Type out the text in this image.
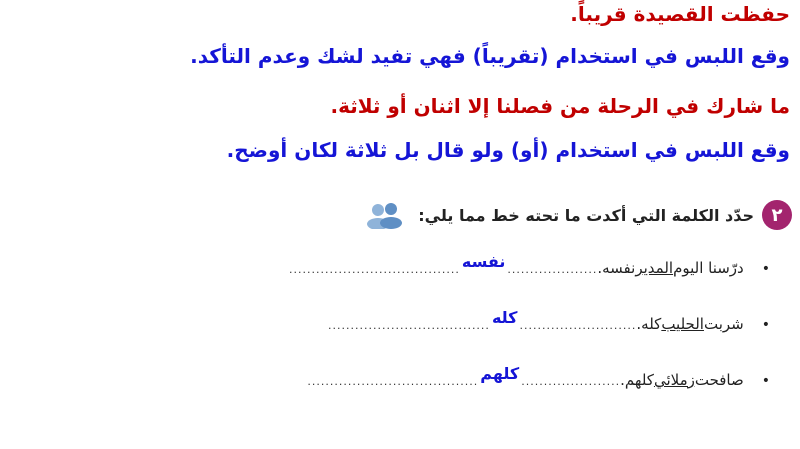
حفظت القصيدة قريباً.
وقع اللبس في استخدام (تقريباً) فهي تفيد لشك وعدم التأكد.
ما شارك في الرحلة من فصلنا إلا اثنان أو ثلاثة.
وقع اللبس في استخدام (أو) ولو قال بل ثلاثة لكان أوضح.
٢
حدّد الكلمة التي أكدت ما تحته خط مما يلي:
•
درّسنا اليوم
المدير
نفسه.
....................
نفسه
......................................
•
شربت
الحليب
كله.
..........................
كله
....................................
•
صافحت
زملائي
كلهم.
......................
كلهم
......................................
